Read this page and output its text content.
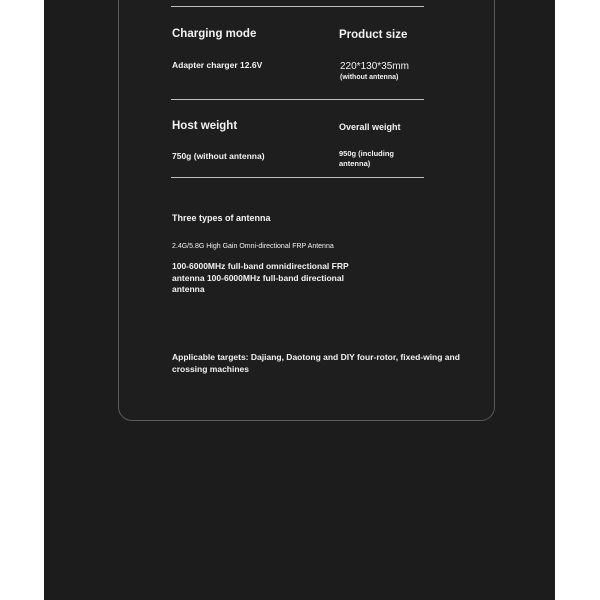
Charging mode
Adapter charger 12.6V
Product size
220*130*35mm
(without antenna)
Host weight
750g (without antenna)
Overall weight
950g (including antenna)
Three types of antenna
2.4G/5.8G High Gain Omni-directional FRP Antenna
100-6000MHz full-band omnidirectional FRP antenna 100-6000MHz full-band directional antenna
Applicable targets: Dajiang, Daotong and DIY four-rotor, fixed-wing and crossing machines
